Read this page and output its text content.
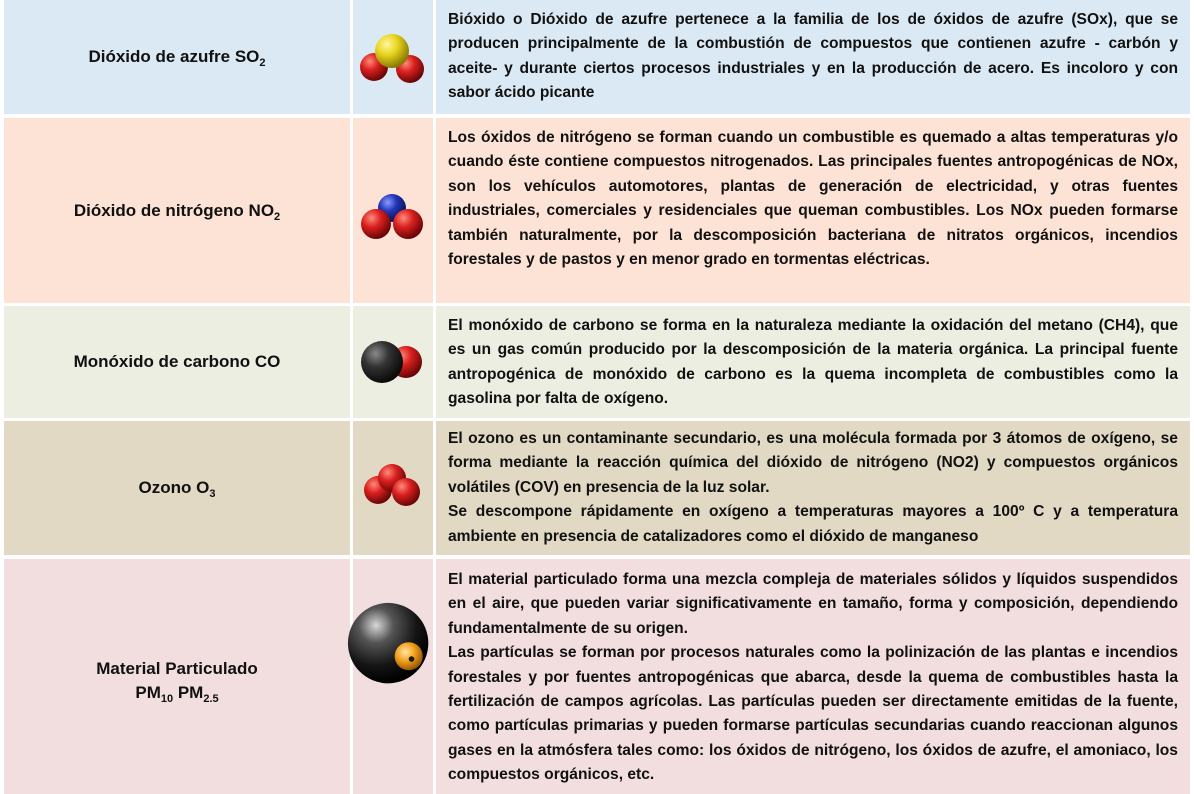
Dióxido de azufre $SO_2$

Bióxido o Dióxido de azufre pertenece a la familia de los de óxidos de azufre (SOx), que se producen principalmente de la combustión de compuestos que contienen azufre - carbón y aceite- y durante ciertos procesos industriales y en la producción de acero. Es incoloro y con sabor ácido picante

Dióxido de nitrógeno $NO_2$

Los óxidos de nitrógeno se forman cuando un combustible es quemado a altas temperaturas y/o cuando éste contiene compuestos nitrogenados. Las principales fuentes antropogénicas de NOx, son los vehículos automotores, plantas de generación de electricidad, y otras fuentes industriales, comerciales y residenciales que queman combustibles. Los NOx pueden formarse también naturalmente, por la descomposición bacteriana de nitratos orgánicos, incendios forestales y de pastos y en menor grado en tormentas eléctricas.

Monóxido de carbono CO

El monóxido de carbono se forma en la naturaleza mediante la oxidación del metano (CH4), que es un gas común producido por la descomposición de la materia orgánica. La principal fuente antropogénica de monóxido de carbono es la quema incompleta de combustibles como la gasolina por falta de oxígeno.

Ozono $O_3$

El ozono es un contaminante secundario, es una molécula formada por 3 átomos de oxígeno, se forma mediante la reacción química del dióxido de nitrógeno (NO2) y compuestos orgánicos volátiles (COV) en presencia de la luz solar.

Se descompone rápidamente en oxígeno a temperaturas mayores a 100º C y a temperatura ambiente en presencia de catalizadores como el dióxido de manganeso

Material Particulado
$PM_{10}$ $PM_{2.5}$

El material particulado forma una mezcla compleja de materiales sólidos y líquidos suspendidos en el aire, que pueden variar significativamente en tamaño, forma y composición, dependiendo fundamentalmente de su origen.

Las partículas se forman por procesos naturales como la polinización de las plantas e incendios forestales y por fuentes antropogénicas que abarca, desde la quema de combustibles hasta la fertilización de campos agrícolas. Las partículas pueden ser directamente emitidas de la fuente, como partículas primarias y pueden formarse partículas secundarias cuando reaccionan algunos gases en la atmósfera tales como: los óxidos de nitrógeno, los óxidos de azufre, el amoniaco, los compuestos orgánicos, etc.
